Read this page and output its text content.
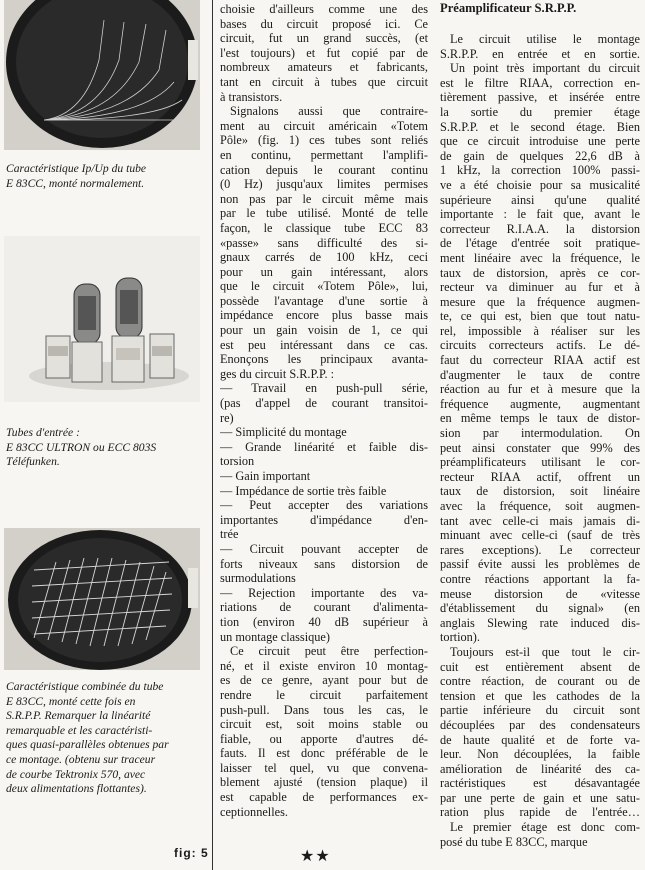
Caractéristique Ip/Up du tube
E 83CC, monté normalement.
Tubes d'entrée :
E 83CC ULTRON ou ECC 803S
Téléfunken.
Caractéristique combinée du tube
E 83CC, monté cette fois en
S.R.P.P. Remarquer la linéarité
remarquable et les caractéristi-
ques quasi-parallèles obtenues par
ce montage. (obtenu sur traceur
de courbe Tektronix 570, avec
deux alimentations flottantes).
fig: 5
choisie d'ailleurs comme une des
bases du circuit proposé ici. Ce
circuit, fut un grand succès, (et
l'est toujours) et fut copié par de
nombreux amateurs et fabricants,
tant en circuit à tubes que circuit
à transistors.
Signalons aussi que contraire-
ment au circuit américain «Totem
Pôle» (fig. 1) ces tubes sont reliés
en continu, permettant l'amplifi-
cation depuis le courant continu
(0 Hz) jusqu'aux limites permises
non pas par le circuit même mais
par le tube utilisé. Monté de telle
façon, le classique tube ECC 83
«passe» sans difficulté des si-
gnaux carrés de 100 kHz, ceci
pour un gain intéressant, alors
que le circuit «Totem Pôle», lui,
possède l'avantage d'une sortie à
impédance encore plus basse mais
pour un gain voisin de 1, ce qui
est peu intéressant dans ce cas.
Enonçons les principaux avanta-
ges du circuit S.R.P.P. :
— Travail en push-pull série,
(pas d'appel de courant transitoi-
re)
— Simplicité du montage
— Grande linéarité et faible dis-
torsion
— Gain important
— Impédance de sortie très faible
— Peut accepter des variations
importantes d'impédance d'en-
trée
— Circuit pouvant accepter de
forts niveaux sans distorsion de
surmodulations
— Rejection importante des va-
riations de courant d'alimenta-
tion (environ 40 dB supérieur à
un montage classique)
Ce circuit peut être perfection-
né, et il existe environ 10 montag-
es de ce genre, ayant pour but de
rendre le circuit parfaitement
push-pull. Dans tous les cas, le
circuit est, soit moins stable ou
fiable, ou apporte d'autres dé-
fauts. Il est donc préférable de le
laisser tel quel, vu que convena-
blement ajusté (tension plaque) il
est capable de performances ex-
ceptionnelles.
★★
Préamplificateur S.R.P.P.
Le circuit utilise le montage
S.R.P.P. en entrée et en sortie.
Un point très important du circuit
est le filtre RIAA, correction en-
tièrement passive, et insérée entre
la sortie du premier étage
S.R.P.P. et le second étage. Bien
que ce circuit introduise une perte
de gain de quelques 22,6 dB à
1 kHz, la correction 100% passi-
ve a été choisie pour sa musicalité
supérieure ainsi qu'une qualité
importante : le fait que, avant le
correcteur R.I.A.A. la distorsion
de l'étage d'entrée soit pratique-
ment linéaire avec la fréquence, le
taux de distorsion, après ce cor-
recteur va diminuer au fur et à
mesure que la fréquence augmen-
te, ce qui est, bien que tout natu-
rel, impossible à réaliser sur les
circuits correcteurs actifs. Le dé-
faut du correcteur RIAA actif est
d'augmenter le taux de contre
réaction au fur et à mesure que la
fréquence augmente, augmentant
en même temps le taux de distor-
sion par intermodulation. On
peut ainsi constater que 99% des
préamplificateurs utilisant le cor-
recteur RIAA actif, offrent un
taux de distorsion, soit linéaire
avec la fréquence, soit augmen-
tant avec celle-ci mais jamais di-
minuant avec celle-ci (sauf de très
rares exceptions). Le correcteur
passif évite aussi les problèmes de
contre réactions apportant la fa-
meuse distorsion de «vitesse
d'établissement du signal» (en
anglais Slewing rate induced dis-
tortion).
Toujours est-il que tout le cir-
cuit est entièrement absent de
contre réaction, de courant ou de
tension et que les cathodes de la
partie inférieure du circuit sont
découplées par des condensateurs
de haute qualité et de forte va-
leur. Non découplées, la faible
amélioration de linéarité des ca-
ractéristiques est désavantagée
par une perte de gain et une satu-
ration plus rapide de l'entrée…
Le premier étage est donc com-
posé du tube E 83CC, marque
